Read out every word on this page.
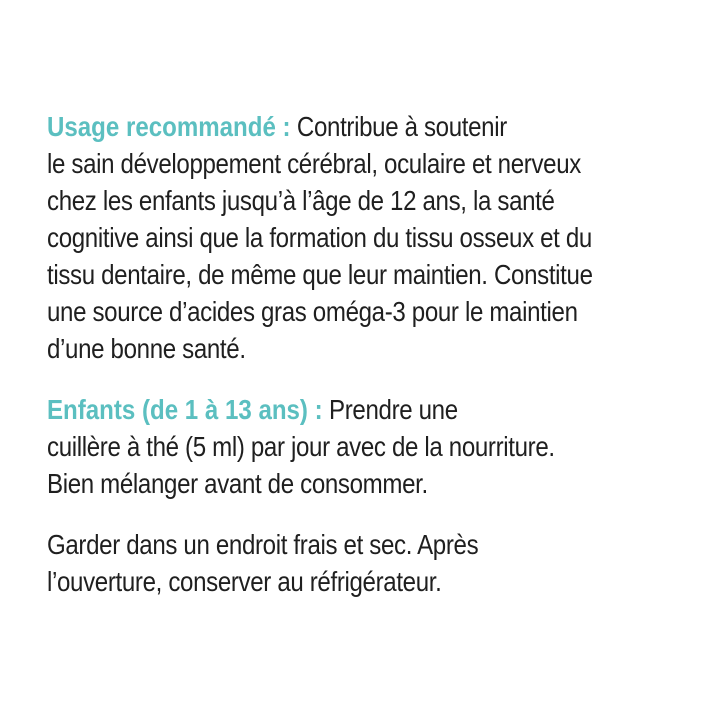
Usage recommandé : Contribue à soutenir
le sain développement cérébral, oculaire et nerveux
chez les enfants jusqu’à l’âge de 12 ans, la santé
cognitive ainsi que la formation du tissu osseux et du
tissu dentaire, de même que leur maintien. Constitue
une source d’acides gras oméga-3 pour le maintien
d’une bonne santé.

Enfants (de 1 à 13 ans) : Prendre une
cuillère à thé (5 ml) par jour avec de la nourriture.
Bien mélanger avant de consommer.

Garder dans un endroit frais et sec. Après
l’ouverture, conserver au réfrigérateur.
